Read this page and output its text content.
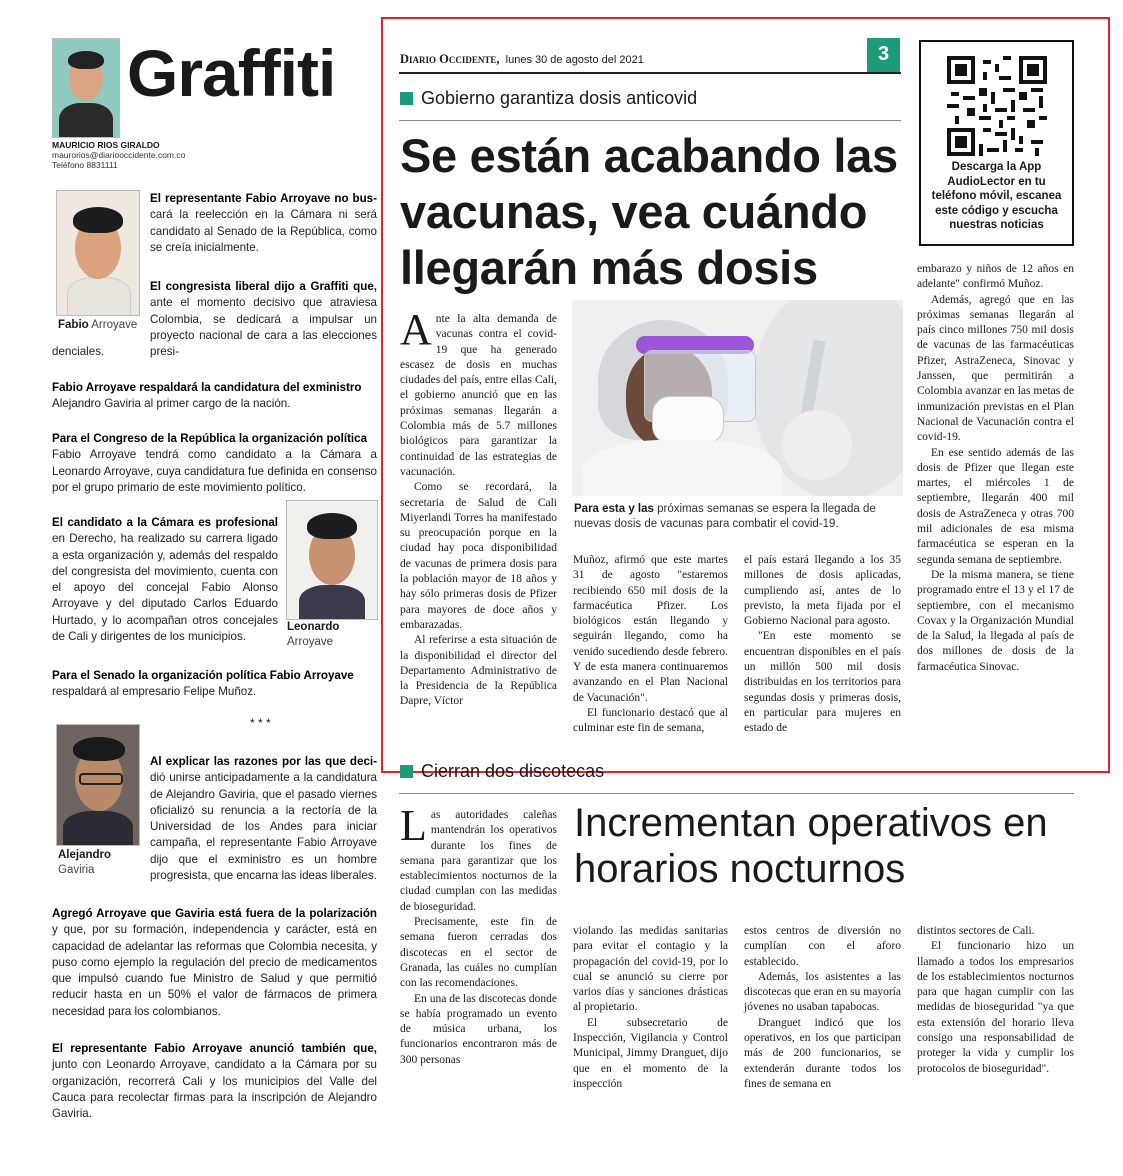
Graffiti
MAURICIO RIOS GIRALDO
maurorios@diariooccidente.com.co
Teléfono 8831111
Fabio Arroyave
El representante Fabio Arroyave no bus-cará la reelección en la Cámara ni será candidato al Senado de la República, como se creía inicialmente.
El congresista liberal dijo a Graffiti que, ante el momento decisivo que atraviesa Colombia, se dedicará a impulsar un proyecto nacional de cara a las elecciones presi-
denciales.
Fabio Arroyave respaldará la candidatura del exministro
Alejandro Gaviria al primer cargo de la nación.
Para el Congreso de la República la organización política
Fabio Arroyave tendrá como candidato a la Cámara a Leonardo Arroyave, cuya candidatura fue definida en consenso por el grupo primario de este movimiento político.
El candidato a la Cámara es profesional en Derecho, ha realizado su carrera ligado a esta organización y, además del respaldo del congresista del movimiento, cuenta con el apoyo del concejal Fabio Alonso Arroyave y del diputado Carlos Eduardo Hurtado, y lo acompañan otros concejales de Cali y dirigentes de los municipios.
Leonardo
Arroyave
Para el Senado la organización política Fabio Arroyave
respaldará al empresario Felipe Muñoz.
* * *
Alejandro
Gaviria
Al explicar las razones por las que deci-dió unirse anticipadamente a la candidatura de Alejandro Gaviria, que el pasado viernes oficializó su renuncia a la rectoría de la Universidad de los Andes para iniciar campaña, el representante Fabio Arroyave dijo que el exministro es un hombre progresista, que encarna las ideas liberales.
Agregó Arroyave que Gaviria está fuera de la polarización y que, por su formación, independencia y carácter, está en capacidad de adelantar las reformas que Colombia necesita, y puso como ejemplo la regulación del precio de medicamentos que impulsó cuando fue Ministro de Salud y que permitió reducir hasta en un 50% el valor de fármacos de primera necesidad para los colombianos.
El representante Fabio Arroyave anunció también que, junto con Leonardo Arroyave, candidato a la Cámara por su organización, recorrerá Cali y los municipios del Valle del Cauca para recolectar firmas para la inscripción de Alejandro Gaviria.
Diario Occidente, lunes 30 de agosto del 2021	3
Descarga la App AudioLector en tu teléfono móvil, escanea este código y escucha nuestras noticias
Gobierno garantiza dosis anticovid
Se están acabando las vacunas, vea cuándo llegarán más dosis
Para esta y las próximas semanas se espera la llegada de nuevas dosis de vacunas para combatir el covid-19.

Ante la alta demanda de vacunas contra el covid-19 que ha generado escasez de dosis en muchas ciudades del país, entre ellas Cali, el gobierno anunció que en las próximas semanas llegarán a Colombia más de 5.7 millones biológicos para garantizar la continuidad de las estrategias de vacunación.

Como se recordará, la secretaria de Salud de Cali Miyerlandi Torres ha manifestado su preocupación porque en la ciudad hay poca disponibilidad de vacunas de primera dosis para la población mayor de 18 años y hay sólo primeras dosis de Pfizer para mayores de doce años y embarazadas.

Al referirse a esta situación de la disponibilidad el director del Departamento Administrativo de la Presidencia de la República Dapre, Víctor

Muñoz, afirmó que este martes 31 de agosto "estaremos recibiendo 650 mil dosis de la farmacéutica Pfizer. Los biológicos están llegando y seguirán llegando, como ha venido sucediendo desde febrero. Y de esta manera continuaremos avanzando en el Plan Nacional de Vacunación".

El funcionario destacó que al culminar este fin de semana,

el país estará llegando a los 35 millones de dosis aplicadas, cumpliendo así, antes de lo previsto, la meta fijada por el Gobierno Nacional para agosto.

"En este momento se encuentran disponibles en el país un millón 500 mil dosis distribuidas en los territorios para segundas dosis y primeras dosis, en particular para mujeres en estado de

embarazo y niños de 12 años en adelante" confirmó Muñoz.

Además, agregó que en las próximas semanas llegarán al país cinco millones 750 mil dosis de vacunas de las farmacéuticas Pfizer, AstraZeneca, Sinovac y Janssen, que permitirán a Colombia avanzar en las metas de inmunización previstas en el Plan Nacional de Vacunación contra el covid-19.

En ese sentido además de las dosis de Pfizer que llegan este martes, el miércoles 1 de septiembre, llegarán 400 mil dosis de AstraZeneca y otras 700 mil adicionales de esa misma farmacéutica se esperan en la segunda semana de septiembre.

De la misma manera, se tiene programado entre el 13 y el 17 de septiembre, con el mecanismo Covax y la Organización Mundial de la Salud, la llegada al país de dos millones de dosis de la farmacéutica Sinovac.

Cierran dos discotecas
Incrementan operativos en horarios nocturnos

Las autoridades caleñas mantendrán los operativos durante los fines de semana para garantizar que los establecimientos nocturnos de la ciudad cumplan con las medidas de bioseguridad.

Precisamente, este fin de semana fueron cerradas dos discotecas en el sector de Granada, las cuáles no cumplían con las recomendaciones.

En una de las discotecas donde se había programado un evento de música urbana, los funcionarios encontraron más de 300 personas

violando las medidas sanitarias para evitar el contagio y la propagación del covid-19, por lo cual se anunció su cierre por varios días y sanciones drásticas al propietario.

El subsecretario de Inspección, Vigilancia y Control Municipal, Jimmy Dranguet, dijo que en el momento de la inspección

estos centros de diversión no cumplían con el aforo establecido.

Además, los asistentes a las discotecas que eran en su mayoría jóvenes no usaban tapabocas.

Dranguet indicó que los operativos, en los que participan más de 200 funcionarios, se extenderán durante todos los fines de semana en

distintos sectores de Cali.

El funcionario hizo un llamado a todos los empresarios de los establecimientos nocturnos para que hagan cumplir con las medidas de bioseguridad "ya que esta extensión del horario lleva consigo una responsabilidad de proteger la vida y cumplir los protocolos de bioseguridad".
